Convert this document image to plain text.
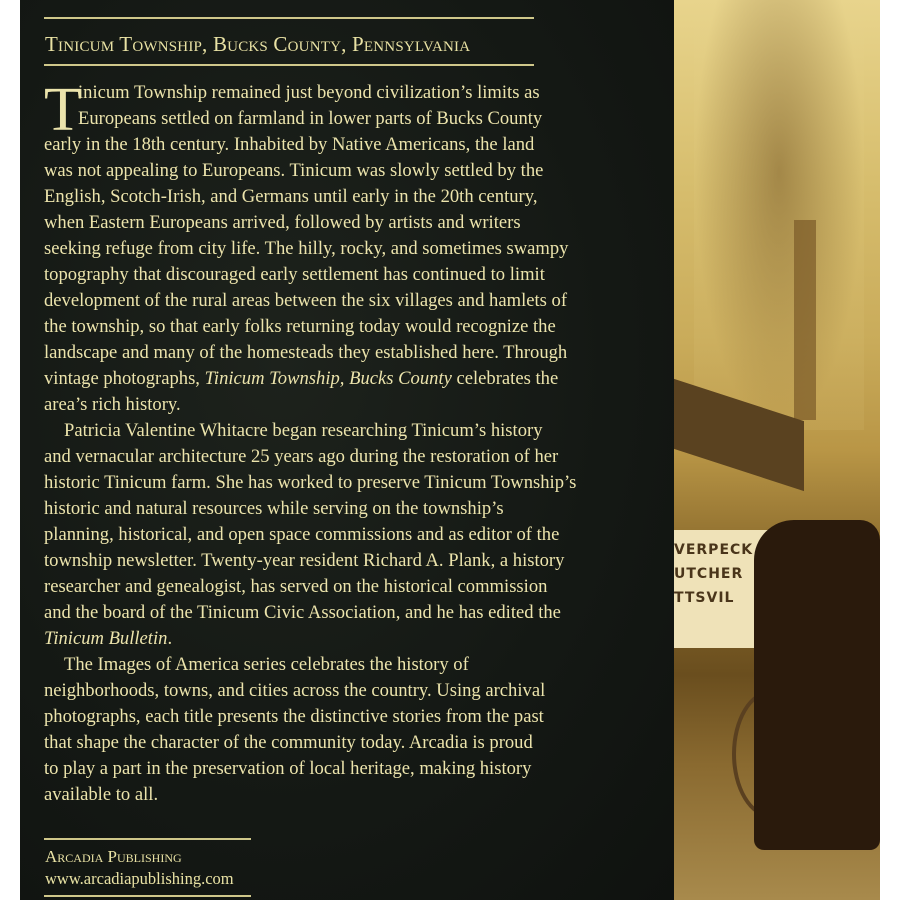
Tinicum Township, Bucks County, Pennsylvania
T
inicum Township remained just beyond civilization’s limits as
Europeans settled on farmland in lower parts of Bucks County
early in the 18th century. Inhabited by Native Americans, the land
was not appealing to Europeans. Tinicum was slowly settled by the
English, Scotch-Irish, and Germans until early in the 20th century,
when Eastern Europeans arrived, followed by artists and writers
seeking refuge from city life. The hilly, rocky, and sometimes swampy
topography that discouraged early settlement has continued to limit
development of the rural areas between the six villages and hamlets of
the township, so that early folks returning today would recognize the
landscape and many of the homesteads they established here. Through
vintage photographs, Tinicum Township, Bucks County celebrates the
area’s rich history.
Patricia Valentine Whitacre began researching Tinicum’s history
and vernacular architecture 25 years ago during the restoration of her
historic Tinicum farm. She has worked to preserve Tinicum Township’s
historic and natural resources while serving on the township’s
planning, historical, and open space commissions and as editor of the
township newsletter. Twenty-year resident Richard A. Plank, a history
researcher and genealogist, has served on the historical commission
and the board of the Tinicum Civic Association, and he has edited the
Tinicum Bulletin.
The Images of America series celebrates the history of
neighborhoods, towns, and cities across the country. Using archival
photographs, each title presents the distinctive stories from the past
that shape the character of the community today. Arcadia is proud
to play a part in the preservation of local heritage, making history
available to all.
Arcadia Publishing
www.arcadiapublishing.com
VERPECK
UTCHER
TTSVIL
